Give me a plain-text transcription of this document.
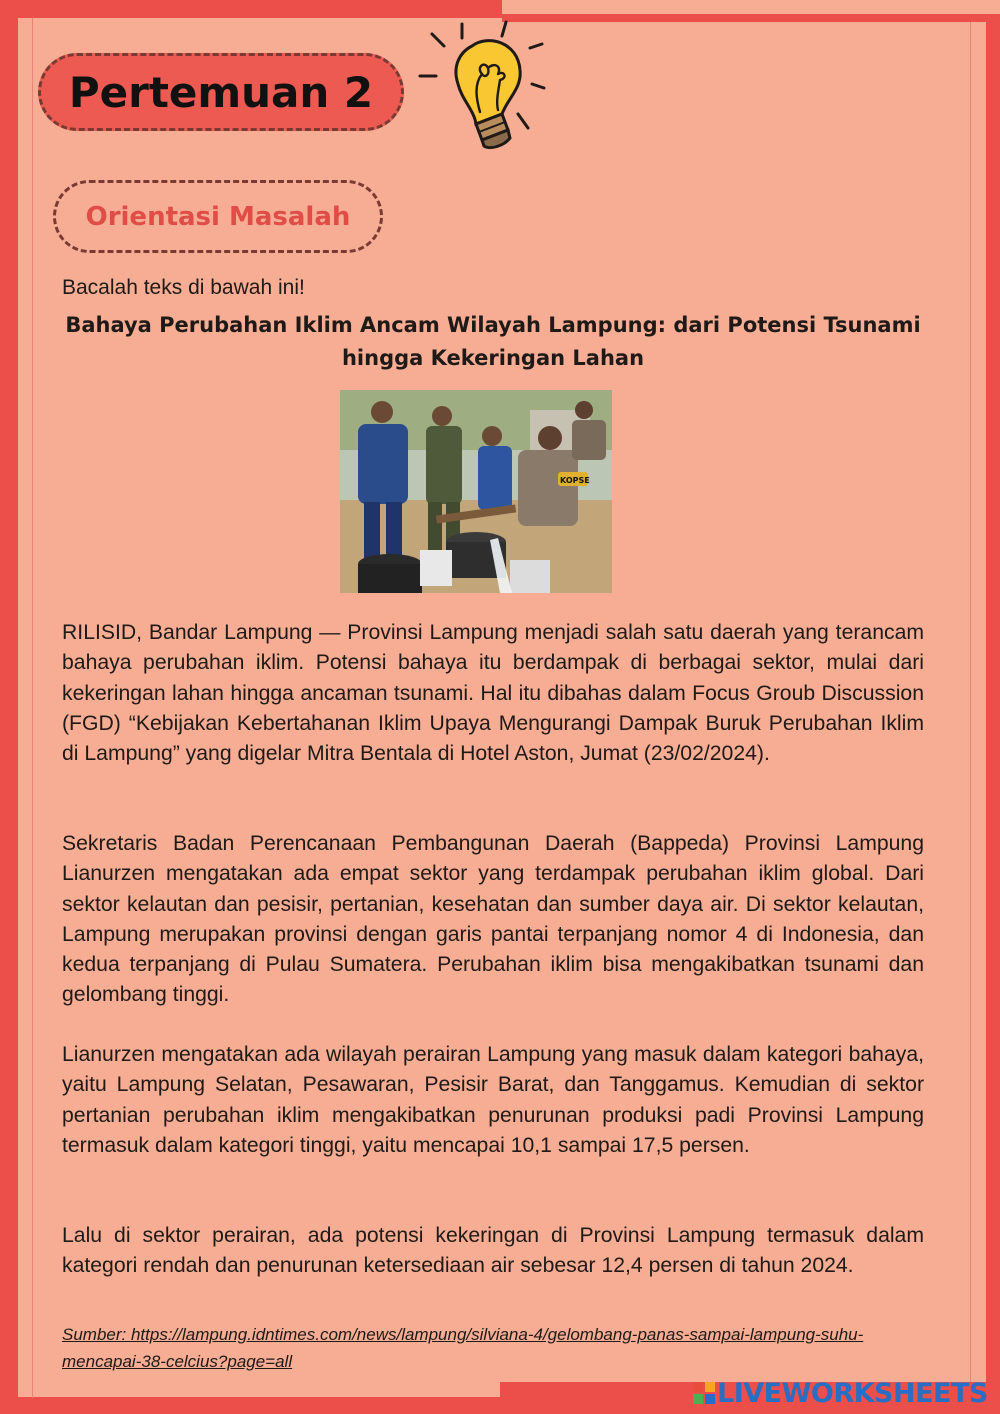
Pertemuan 2
Orientasi Masalah
Bacalah teks di bawah ini!
Bahaya Perubahan Iklim Ancam Wilayah Lampung: dari Potensi Tsunami hingga Kekeringan Lahan
KOPSE

RILISID, Bandar Lampung — Provinsi Lampung menjadi salah satu daerah yang terancam bahaya perubahan iklim. Potensi bahaya itu berdampak di berbagai sektor, mulai dari kekeringan lahan hingga ancaman tsunami. Hal itu dibahas dalam Focus Groub Discussion (FGD) “Kebijakan Kebertahanan Iklim Upaya Mengurangi Dampak Buruk Perubahan Iklim di Lampung” yang digelar Mitra Bentala di Hotel Aston, Jumat (23/02/2024).

Sekretaris Badan Perencanaan Pembangunan Daerah (Bappeda) Provinsi Lampung Lianurzen mengatakan ada empat sektor yang terdampak perubahan iklim global. Dari sektor kelautan dan pesisir, pertanian, kesehatan dan sumber daya air. Di sektor kelautan, Lampung merupakan provinsi dengan garis pantai terpanjang nomor 4 di Indonesia, dan kedua terpanjang di Pulau Sumatera. Perubahan iklim bisa mengakibatkan tsunami dan gelombang tinggi.

Lianurzen mengatakan ada wilayah perairan Lampung yang masuk dalam kategori bahaya, yaitu Lampung Selatan, Pesawaran, Pesisir Barat, dan Tanggamus. Kemudian di sektor pertanian perubahan iklim mengakibatkan penurunan produksi padi Provinsi Lampung termasuk dalam kategori tinggi, yaitu mencapai 10,1 sampai 17,5 persen.

Lalu di sektor perairan, ada potensi kekeringan di Provinsi Lampung termasuk dalam kategori rendah dan penurunan ketersediaan air sebesar 12,4 persen di tahun 2024.

Sumber: https://lampung.idntimes.com/news/lampung/silviana-4/gelombang-panas-sampai-lampung-suhu-mencapai-38-celcius?page=all
LIVEWORKSHEETS
